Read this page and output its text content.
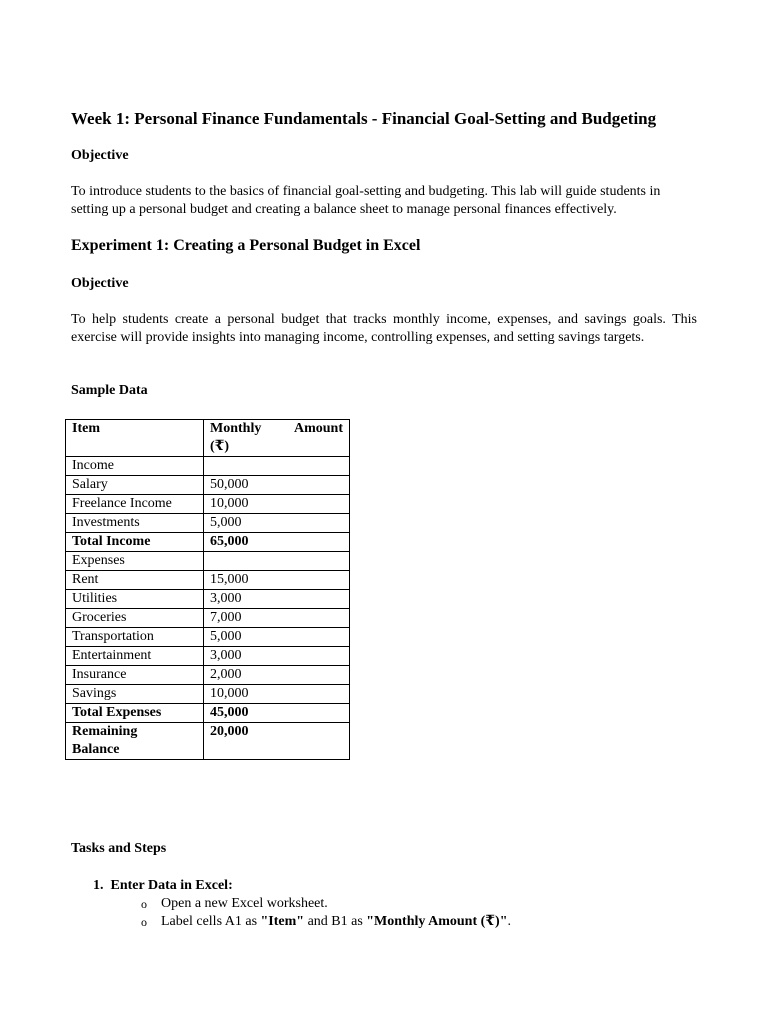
Week 1: Personal Finance Fundamentals - Financial Goal-Setting and Budgeting
Objective
To introduce students to the basics of financial goal-setting and budgeting. This lab will guide students in setting up a personal budget and creating a balance sheet to manage personal finances effectively.
Experiment 1: Creating a Personal Budget in Excel
Objective
To help students create a personal budget that tracks monthly income, expenses, and savings goals. This exercise will provide insights into managing income, controlling expenses, and setting savings targets.
Sample Data
Item	Monthly Amount
(₹)

Income	
Salary	50,000
Freelance Income	10,000
Investments	5,000
Total Income	65,000
Expenses	
Rent	15,000
Utilities	3,000
Groceries	7,000
Transportation	5,000
Entertainment	3,000
Insurance	2,000
Savings	10,000
Total Expenses	45,000

Remaining
Balance	20,000
Tasks and Steps
1. Enter Data in Excel:
o Open a new Excel worksheet.
o Label cells A1 as "Item" and B1 as "Monthly Amount (₹)".
